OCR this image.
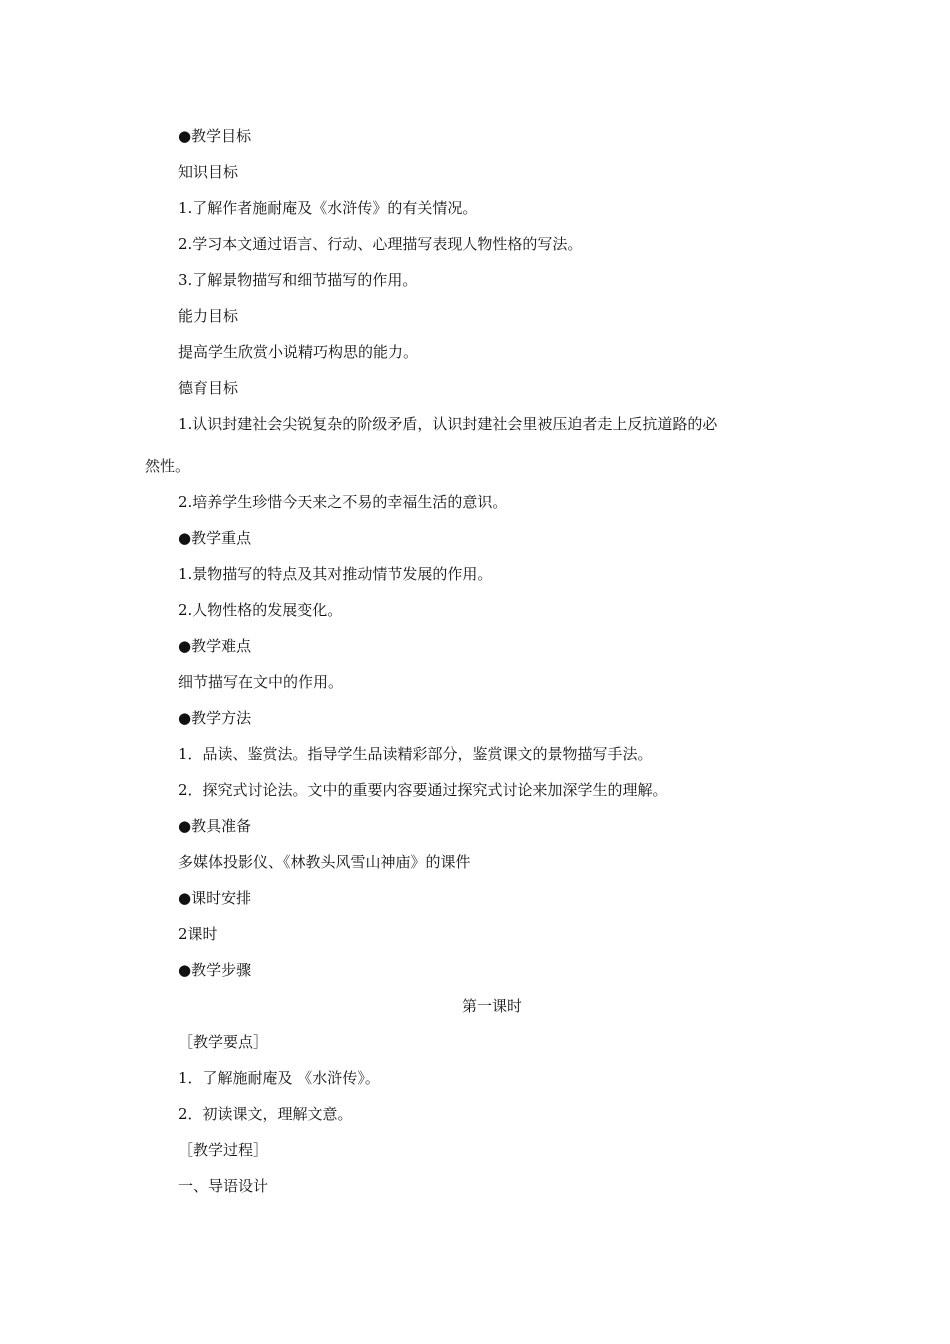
●教学目标
知识目标
1.了解作者施耐庵及《水浒传》的有关情况。
2.学习本文通过语言、行动、心理描写表现人物性格的写法。
3.了解景物描写和细节描写的作用。
能力目标
提高学生欣赏小说精巧构思的能力。
德育目标
1.认识封建社会尖锐复杂的阶级矛盾，认识封建社会里被压迫者走上反抗道路的必
然性。
2.培养学生珍惜今天来之不易的幸福生活的意识。
●教学重点
1.景物描写的特点及其对推动情节发展的作用。
2.人物性格的发展变化。
●教学难点
细节描写在文中的作用。
●教学方法
1．品读、鉴赏法。指导学生品读精彩部分，鉴赏课文的景物描写手法。
2．探究式讨论法。文中的重要内容要通过探究式讨论来加深学生的理解。
●教具准备
多媒体投影仪、《林教头风雪山神庙》的课件
●课时安排
2课时
●教学步骤
第一课时
［教学要点］
1．了解施耐庵及 《水浒传》。
2．初读课文，理解文意。
［教学过程］
一、导语设计
